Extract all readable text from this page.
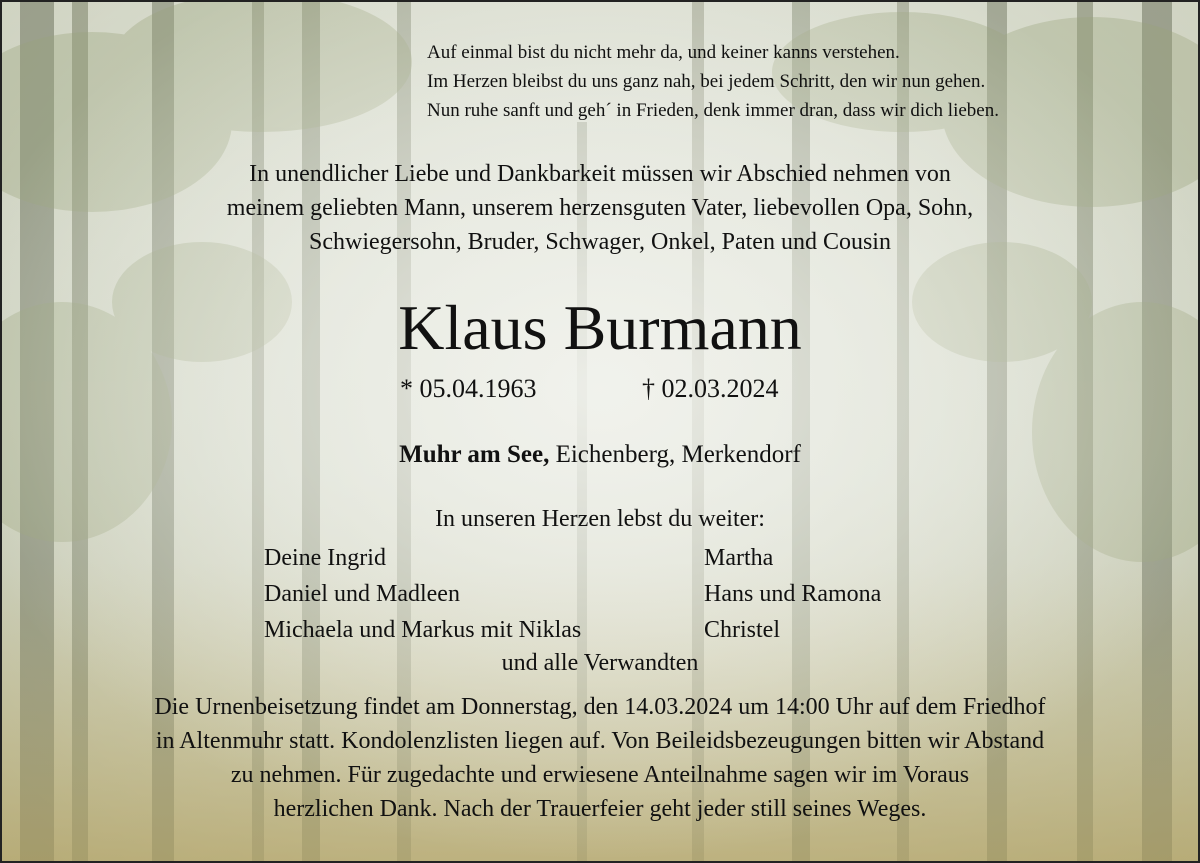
Auf einmal bist du nicht mehr da, und keiner kanns verstehen.
Im Herzen bleibst du uns ganz nah, bei jedem Schritt, den wir nun gehen.
Nun ruhe sanft und geh´ in Frieden, denk immer dran, dass wir dich lieben.
In unendlicher Liebe und Dankbarkeit müssen wir Abschied nehmen von
meinem geliebten Mann, unserem herzensguten Vater, liebevollen Opa, Sohn,
Schwiegersohn, Bruder, Schwager, Onkel, Paten und Cousin
Klaus Burmann
* 05.04.1963	† 02.03.2024
Muhr am See, Eichenberg, Merkendorf
In unseren Herzen lebst du weiter:
Deine Ingrid
Daniel und Madleen
Michaela und Markus mit Niklas
Martha
Hans und Ramona
Christel
und alle Verwandten
Die Urnenbeisetzung findet am Donnerstag, den 14.03.2024 um 14:00 Uhr auf dem Friedhof
in Altenmuhr statt. Kondolenzlisten liegen auf. Von Beileidsbezeugungen bitten wir Abstand
zu nehmen. Für zugedachte und erwiesene Anteilnahme sagen wir im Voraus
herzlichen Dank. Nach der Trauerfeier geht jeder still seines Weges.
